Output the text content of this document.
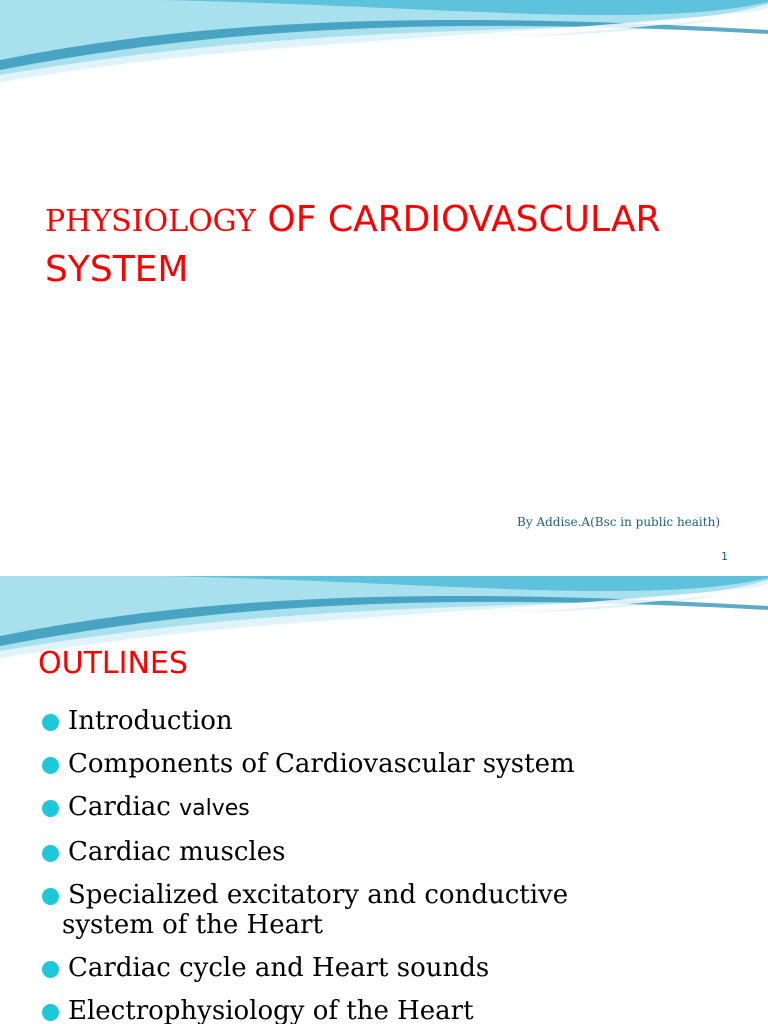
PHYSIOLOGY OF CARDIOVASCULAR
SYSTEM
By Addise.A(Bsc in public heaith)
1
OUTLINES
Introduction
Components of Cardiovascular system
Cardiac valves
Cardiac muscles
Specialized excitatory and conductive
system of the Heart
Cardiac cycle and Heart sounds
Electrophysiology of the Heart
